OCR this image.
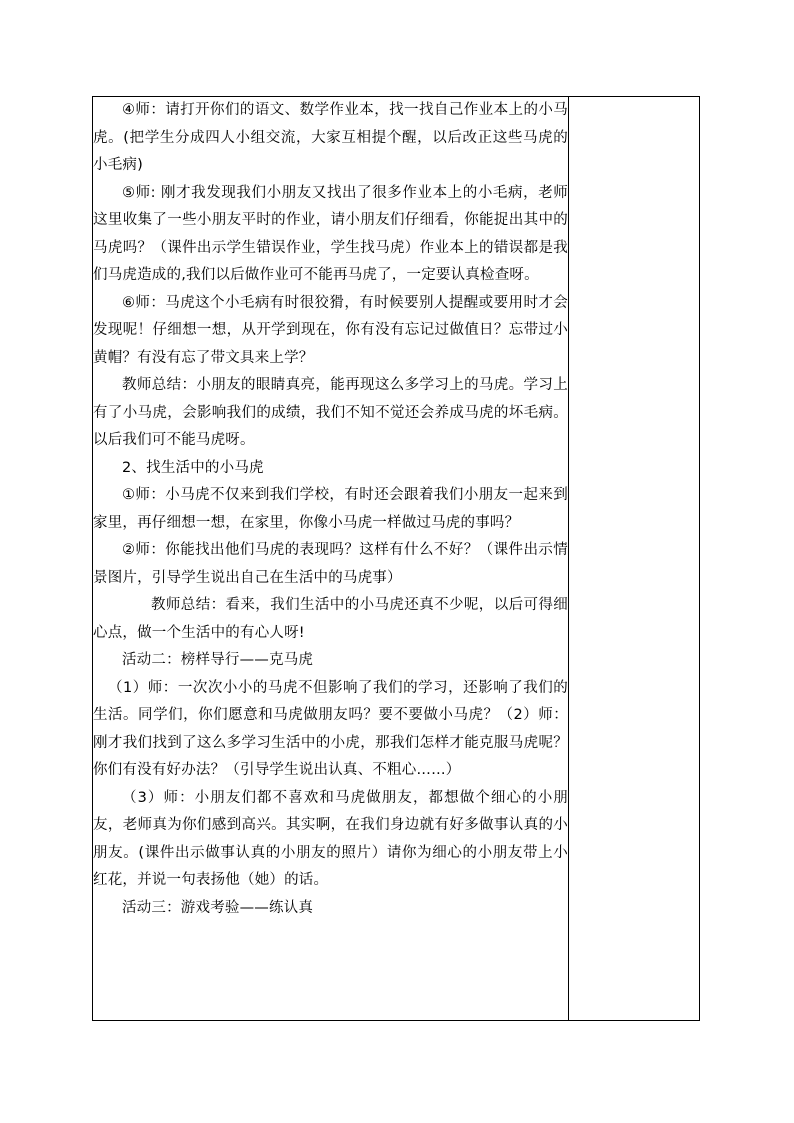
④师：请打开你们的语文、数学作业本，找一找自己作业本上的小马虎。(把学生分成四人小组交流，大家互相提个醒，以后改正这些马虎的小毛病)

⑤师: 刚才我发现我们小朋友又找出了很多作业本上的小毛病，老师这里收集了一些小朋友平时的作业，请小朋友们仔细看，你能捉出其中的马虎吗？（课件出示学生错误作业，学生找马虎）作业本上的错误都是我们马虎造成的,我们以后做作业可不能再马虎了，一定要认真检查呀。

⑥师：马虎这个小毛病有时很狡猾，有时候要别人提醒或要用时才会发现呢！仔细想一想，从开学到现在，你有没有忘记过做值日？忘带过小黄帽？有没有忘了带文具来上学？

教师总结：小朋友的眼睛真亮，能再现这么多学习上的马虎。学习上有了小马虎，会影响我们的成绩，我们不知不觉还会养成马虎的坏毛病。以后我们可不能马虎呀。

2、找生活中的小马虎

①师：小马虎不仅来到我们学校，有时还会跟着我们小朋友一起来到家里，再仔细想一想，在家里，你像小马虎一样做过马虎的事吗？

②师：你能找出他们马虎的表现吗？这样有什么不好？（课件出示情景图片，引导学生说出自己在生活中的马虎事）

教师总结：看来，我们生活中的小马虎还真不少呢，以后可得细心点，做一个生活中的有心人呀!

活动二：榜样导行——克马虎

（1）师：一次次小小的马虎不但影响了我们的学习，还影响了我们的生活。同学们，你们愿意和马虎做朋友吗？要不要做小马虎？（2）师：刚才我们找到了这么多学习生活中的小虎，那我们怎样才能克服马虎呢？你们有没有好办法？（引导学生说出认真、不粗心……）

（3）师：小朋友们都不喜欢和马虎做朋友，都想做个细心的小朋友，老师真为你们感到高兴。其实啊，在我们身边就有好多做事认真的小朋友。(课件出示做事认真的小朋友的照片）请你为细心的小朋友带上小红花，并说一句表扬他（她）的话。

活动三：游戏考验——练认真
